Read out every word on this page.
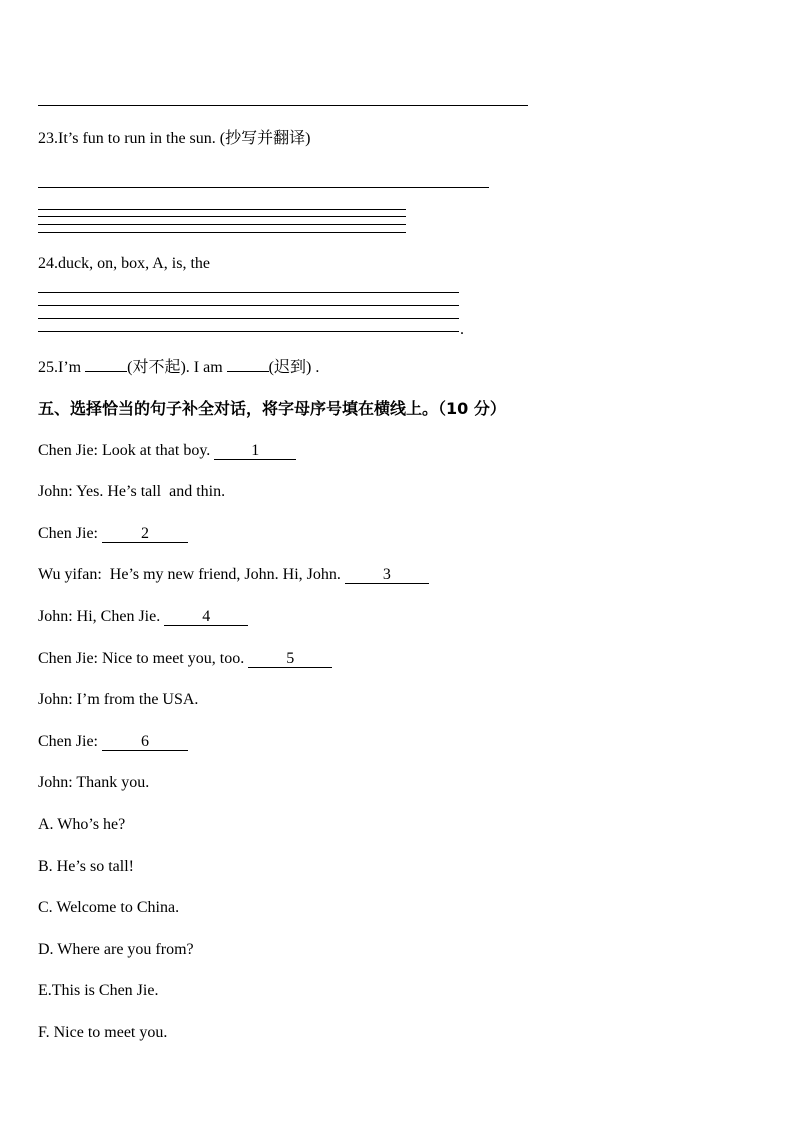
23.It’s fun to run in the sun. (抄写并翻译)
24.duck, on, box, A, is, the
.
25.I’m	(对不起). I am	(迟到) .
五、选择恰当的句子补全对话，将字母序号填在横线上。（10 分）
Chen Jie: Look at that boy.	1
John: Yes. He’s tall  and thin.
Chen Jie:	2
Wu yifan:  He’s my new friend, John. Hi, John.	3
John: Hi, Chen Jie.	4
Chen Jie: Nice to meet you, too.	5
John: I’m from the USA.
Chen Jie:	6
John: Thank you.
A. Who’s he?
B. He’s so tall!
C. Welcome to China.
D. Where are you from?
E.This is Chen Jie.
F. Nice to meet you.
